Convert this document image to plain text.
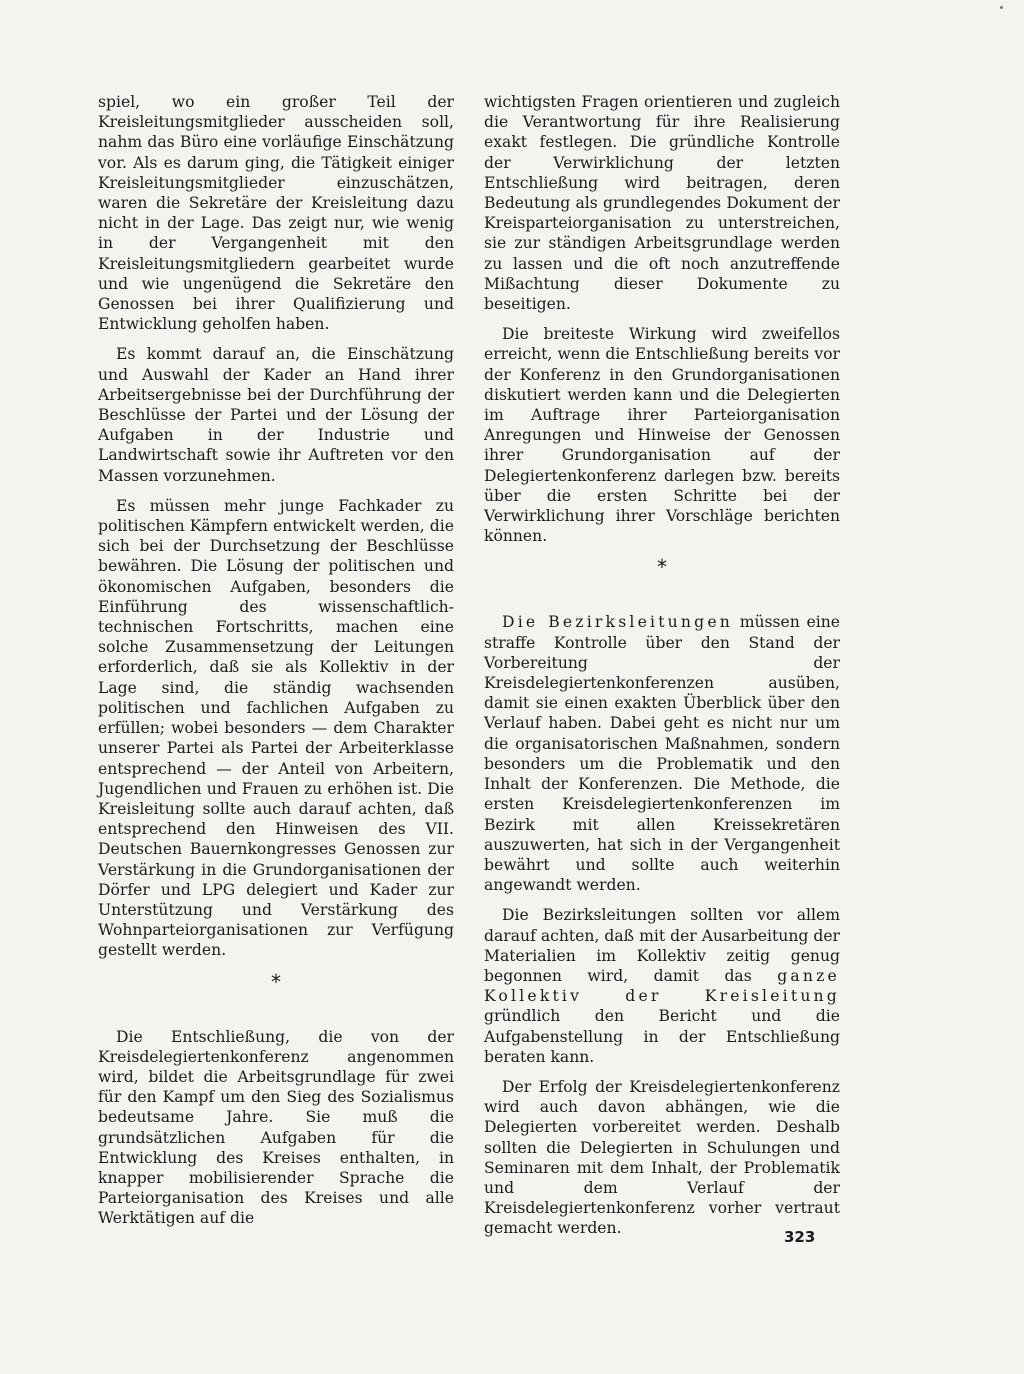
spiel, wo ein großer Teil der Kreisleitungsmitglieder ausscheiden soll, nahm das Büro eine vorläufige Einschätzung vor. Als es darum ging, die Tätigkeit einiger Kreisleitungsmitglieder einzuschätzen, waren die Sekretäre der Kreisleitung dazu nicht in der Lage. Das zeigt nur, wie wenig in der Vergangenheit mit den Kreisleitungsmitgliedern gearbeitet wurde und wie ungenügend die Sekretäre den Genossen bei ihrer Qualifizierung und Entwicklung geholfen haben.

Es kommt darauf an, die Einschätzung und Auswahl der Kader an Hand ihrer Arbeitsergebnisse bei der Durchführung der Beschlüsse der Partei und der Lösung der Aufgaben in der Industrie und Landwirtschaft sowie ihr Auftreten vor den Massen vorzunehmen.

Es müssen mehr junge Fachkader zu politischen Kämpfern entwickelt werden, die sich bei der Durchsetzung der Beschlüsse bewähren. Die Lösung der politischen und ökonomischen Aufgaben, besonders die Einführung des wissenschaftlich-technischen Fortschritts, machen eine solche Zusammensetzung der Leitungen erforderlich, daß sie als Kollektiv in der Lage sind, die ständig wachsenden politischen und fachlichen Aufgaben zu erfüllen; wobei besonders — dem Charakter unserer Partei als Partei der Arbeiterklasse entsprechend — der Anteil von Arbeitern, Jugendlichen und Frauen zu erhöhen ist. Die Kreisleitung sollte auch darauf achten, daß entsprechend den Hinweisen des VII. Deutschen Bauernkongresses Genossen zur Verstärkung in die Grundorganisationen der Dörfer und LPG delegiert und Kader zur Unterstützung und Verstärkung des Wohnparteiorganisationen zur Verfügung gestellt werden.

*

Die Entschließung, die von der Kreisdelegiertenkonferenz angenommen wird, bildet die Arbeitsgrundlage für zwei für den Kampf um den Sieg des Sozialismus bedeutsame Jahre. Sie muß die grundsätzlichen Aufgaben für die Entwicklung des Kreises enthalten, in knapper mobilisierender Sprache die Parteiorganisation des Kreises und alle Werktätigen auf die

wichtigsten Fragen orientieren und zugleich die Verantwortung für ihre Realisierung exakt festlegen. Die gründliche Kontrolle der Verwirklichung der letzten Entschließung wird beitragen, deren Bedeutung als grundlegendes Dokument der Kreisparteiorganisation zu unterstreichen, sie zur ständigen Arbeitsgrundlage werden zu lassen und die oft noch anzutreffende Mißachtung dieser Dokumente zu beseitigen.

Die breiteste Wirkung wird zweifellos erreicht, wenn die Entschließung bereits vor der Konferenz in den Grundorganisationen diskutiert werden kann und die Delegierten im Auftrage ihrer Parteiorganisation Anregungen und Hinweise der Genossen ihrer Grundorganisation auf der Delegiertenkonferenz darlegen bzw. bereits über die ersten Schritte bei der Verwirklichung ihrer Vorschläge berichten können.

*

Die Bezirksleitungen müssen eine straffe Kontrolle über den Stand der Vorbereitung der Kreisdelegiertenkonferenzen ausüben, damit sie einen exakten Überblick über den Verlauf haben. Dabei geht es nicht nur um die organisatorischen Maßnahmen, sondern besonders um die Problematik und den Inhalt der Konferenzen. Die Methode, die ersten Kreisdelegiertenkonferenzen im Bezirk mit allen Kreissekretären auszuwerten, hat sich in der Vergangenheit bewährt und sollte auch weiterhin angewandt werden.

Die Bezirksleitungen sollten vor allem darauf achten, daß mit der Ausarbeitung der Materialien im Kollektiv zeitig genug begonnen wird, damit das ganze Kollektiv der Kreisleitung gründlich den Bericht und die Aufgabenstellung in der Entschließung beraten kann.

Der Erfolg der Kreisdelegiertenkonferenz wird auch davon abhängen, wie die Delegierten vorbereitet werden. Deshalb sollten die Delegierten in Schulungen und Seminaren mit dem Inhalt, der Problematik und dem Verlauf der Kreisdelegiertenkonferenz vorher vertraut gemacht werden.	323
